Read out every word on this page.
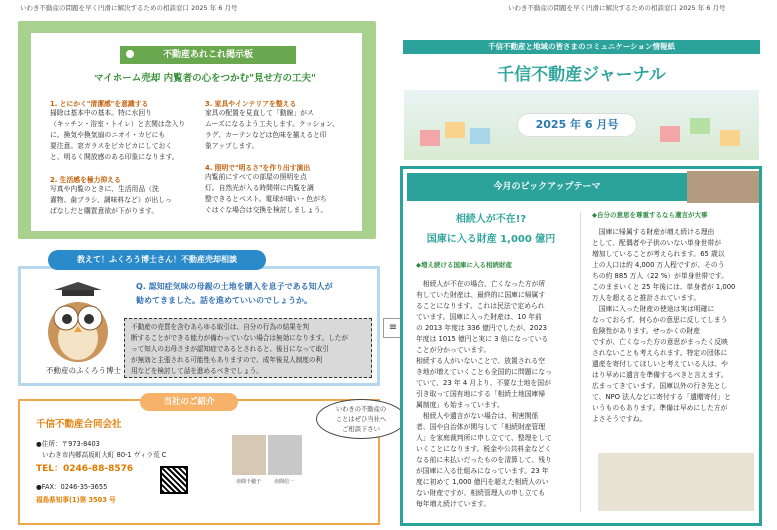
いわき不動産の問題を早く円滑に解決するための相談窓口 2025 年 6 月号	いわき不動産の問題を早く円滑に解決するための相談窓口 2025 年 6 月号
不動産あれこれ掲示板
マイホーム売却 内覧者の心をつかむ"見せ方の工夫"
1. とにかく"清潔感"を意識する
掃除は基本中の基本。特に水回り
（キッチン・浴室・トイレ）と玄関は念入り
に。換気や換気扇のニオイ・カビにも
要注意。窓ガラスをピカピカにしておく
と、明るく開放感のある印象になります。
2. 生活感を極力抑える
写真や内覧のときに、生活用品（洗
濯物、歯ブラシ、調味料など）が出しっ
ぱなしだと購買意欲が下がります。
3. 家具やインテリアを整える
家具の配置を見直して「動線」がス
ムーズになるよう工夫します。クッション、
ラグ、カーテンなどは色味を揃えると印
象アップします。
4. 照明で"明るさ"を作り出す演出
内覧前にすべての部屋の照明を点
灯。自然光が入る時間帯に内覧を調
整できるとベスト。電球が暗い・色がち
ぐはぐな場合は交換を検討しましょう。
教えて！ふくろう博士さん！不動産売却相談
Q. 認知症気味の母親の土地を購入を息子である知人が
勧めてきました。話を進めていいのでしょうか。
不動産の売買を含むあらゆる取引は、自分の行為の結果を判
断することができる能力が備わっていない場合は無効になります。したが
って知人のお母さまが認知症であるとされると、後日になって取引
が無効と主張される可能性もありますので、成年後見人制度の利
用などを検討して話を進めるべきでしょう。
不動産のふくろう博士
≡
当社のご紹介
千信不動産合同会社
●住所：〒973-8403
いわき市内郷高坂町大町 80-1 ヴィラ荒 C
TEL：0246-88-8576
●FAX：0246-35-3655
福島県知事(1)第 3503 号
赤間千穂子	赤間信一
いわきの不動産の
ことはぜひ当社へ
ご相談下さい
千信不動産と地域の皆さまのコミュニケーション情報紙
千信不動産ジャーナル
2025 年 6 月号
今月のピックアップテーマ
相続人が不在!?
国庫に入る財産 1,000 億円
◆増え続ける国庫に入る相続財産
　相続人が不在の場合、亡くなった方が所
有していた財産は、最終的に国庫に帰属す
ることになります。これは民法で定められ
ています。国庫に入った財産は、10 年前
の 2013 年度は 336 億円でしたが、2023
年度は 1015 億円と実に 3 倍になっている
ことが分かっています。
相続する人がいないことで、放置される空
き地が増えていくことも全国的に問題になっ
ていて、23 年 4 月より、不要な土地を国が
引き取って国有地にする「相続土地国庫帰
属制度」も始まっています。
　相続人や遺言がない場合は、利害関係
者、国や自治体が関与して「相続財産管理
人」を家庭裁判所に申し立てて、整理をして
いくことになります。税金や公共料金などく
なる前に未払いだったものを清算して、残り
が国庫に入る仕組みになっています。23 年
度に初めて 1,000 億円を超えた相続人のい
ない財産ですが、相続管理人の申し立ても
毎年増え続けています。
◆自分の意思を尊重するなら遺言が大事
　国庫に帰属する財産が増え続ける理由
として、配偶者や子供のいない単身世帯が
増加していることが考えられます。65 歳以
上の人口は約 4,000 万人程ですが、そのう
ちの約 885 万人（22 %）が単身世帯です。
このままいくと 25 年後には、単身者が 1,000
万人を超えると推計されています。
　国庫に入った財産の使途は実は明確に
なっておらず、何らかの意思に反してしまう
危険性があります。せっかくの財産
ですが、亡くなった方の意思がまったく反映
されないことも考えられます。特定の団体に
遺産を寄付してほしいと考えている人は、や
はり早めに遺言を準備するべきと言えます。
広まってきています。国庫以外の行き先とし
て、NPO 法人などに寄付する「遺贈寄付」と
いうものもあります。準備は早めにした方が
よさそうですね。
